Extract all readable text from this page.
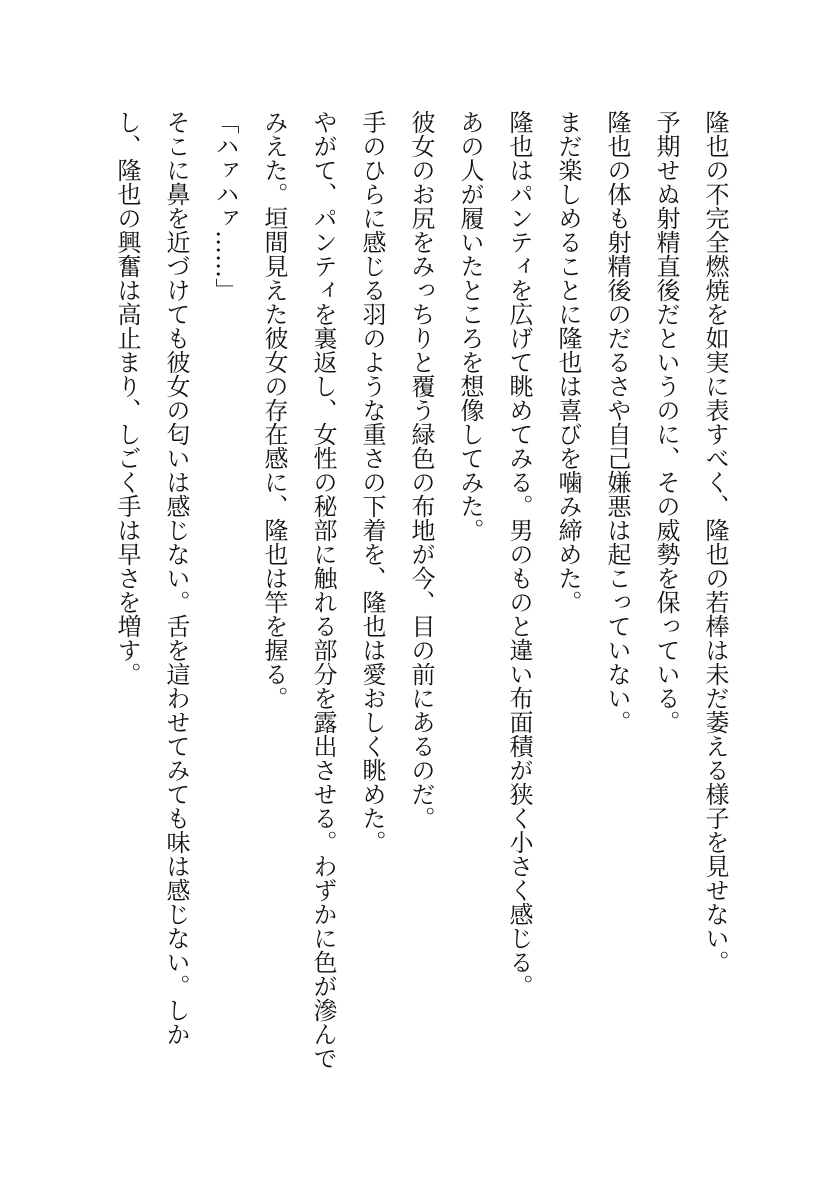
隆也の不完全燃焼を如実に表すべく、隆也の若棒は未だ萎える様子を見せない。

予期せぬ射精直後だというのに、その威勢を保っている。

隆也の体も射精後のだるさや自己嫌悪は起こっていない。

まだ楽しめることに隆也は喜びを噛み締めた。

隆也はパンティを広げて眺めてみる。男のものと違い布面積が狭く小さく感じる。

あの人が履いたところを想像してみた。

彼女のお尻をみっちりと覆う緑色の布地が今、目の前にあるのだ。

手のひらに感じる羽のような重さの下着を、隆也は愛おしく眺めた。

やがて、パンティを裏返し、女性の秘部に触れる部分を露出させる。わずかに色が滲んでみえた。垣間見えた彼女の存在感に、隆也は竿を握る。

「ハァハァ……」

そこに鼻を近づけても彼女の匂いは感じない。舌を這わせてみても味は感じない。しかし、隆也の興奮は高止まり、しごく手は早さを増す。
